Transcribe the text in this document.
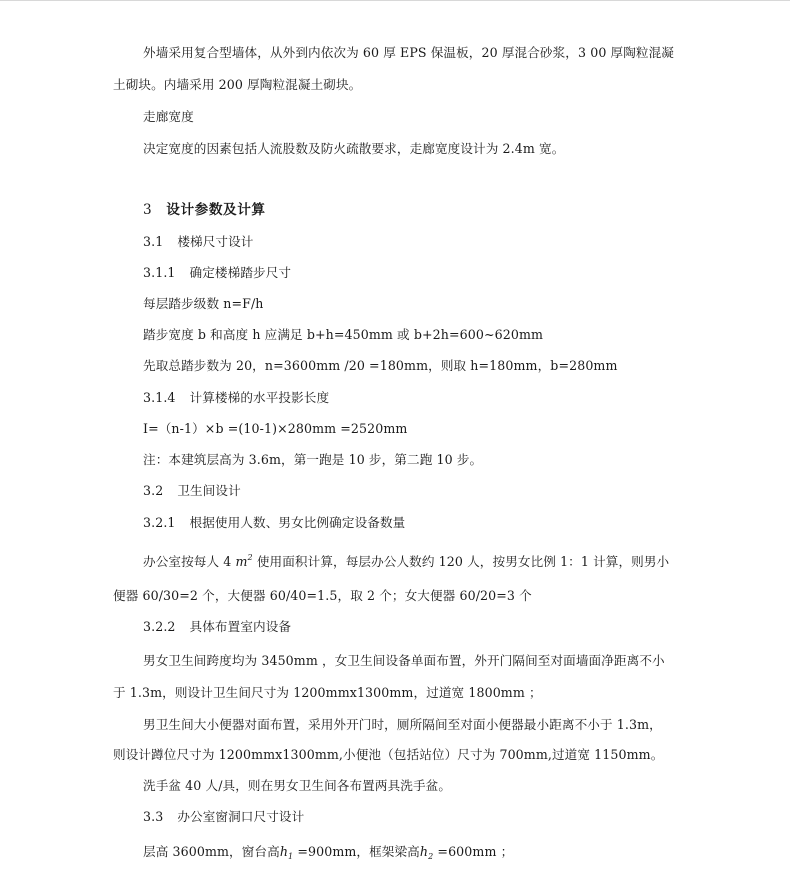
外墙采用复合型墙体，从外到内依次为 60 厚 EPS 保温板，20 厚混合砂浆，3 00 厚陶粒混凝
土砌块。内墙采用 200 厚陶粒混凝土砌块。
走廊宽度
决定宽度的因素包括人流股数及防火疏散要求，走廊宽度设计为 2.4m 宽。
3 设计参数及计算
3.1 楼梯尺寸设计
3.1.1 确定楼梯踏步尺寸
每层踏步级数 n=F/h
踏步宽度 b 和高度 h 应满足 b+h=450mm 或 b+2h=600~620mm
先取总踏步数为 20，n=3600mm /20 =180mm，则取 h=180mm，b=280mm
3.1.4 计算楼梯的水平投影长度
I=（n-1）×b =(10-1)×280mm =2520mm
注：本建筑层高为 3.6m，第一跑是 10 步，第二跑 10 步。
3.2 卫生间设计
3.2.1 根据使用人数、男女比例确定设备数量
办公室按每人 4 $m^2$ 使用面积计算，每层办公人数约 120 人，按男女比例 1：1 计算，则男小
便器 60/30=2 个，大便器 60/40=1.5，取 2 个；女大便器 60/20=3 个
3.2.2 具体布置室内设备
男女卫生间跨度均为 3450mm ，女卫生间设备单面布置，外开门隔间至对面墙面净距离不小
于 1.3m，则设计卫生间尺寸为 1200mmx1300mm，过道宽 1800mm ；
男卫生间大小便器对面布置，采用外开门时，厕所隔间至对面小便器最小距离不小于 1.3m，
则设计蹲位尺寸为 1200mmx1300mm,小便池（包括站位）尺寸为 700mm,过道宽 1150mm。
洗手盆 40 人/具，则在男女卫生间各布置两具洗手盆。
3.3 办公室窗洞口尺寸设计
层高 3600mm，窗台高$h_1 =900mm$，框架梁高$h_2 =600mm$ ；
